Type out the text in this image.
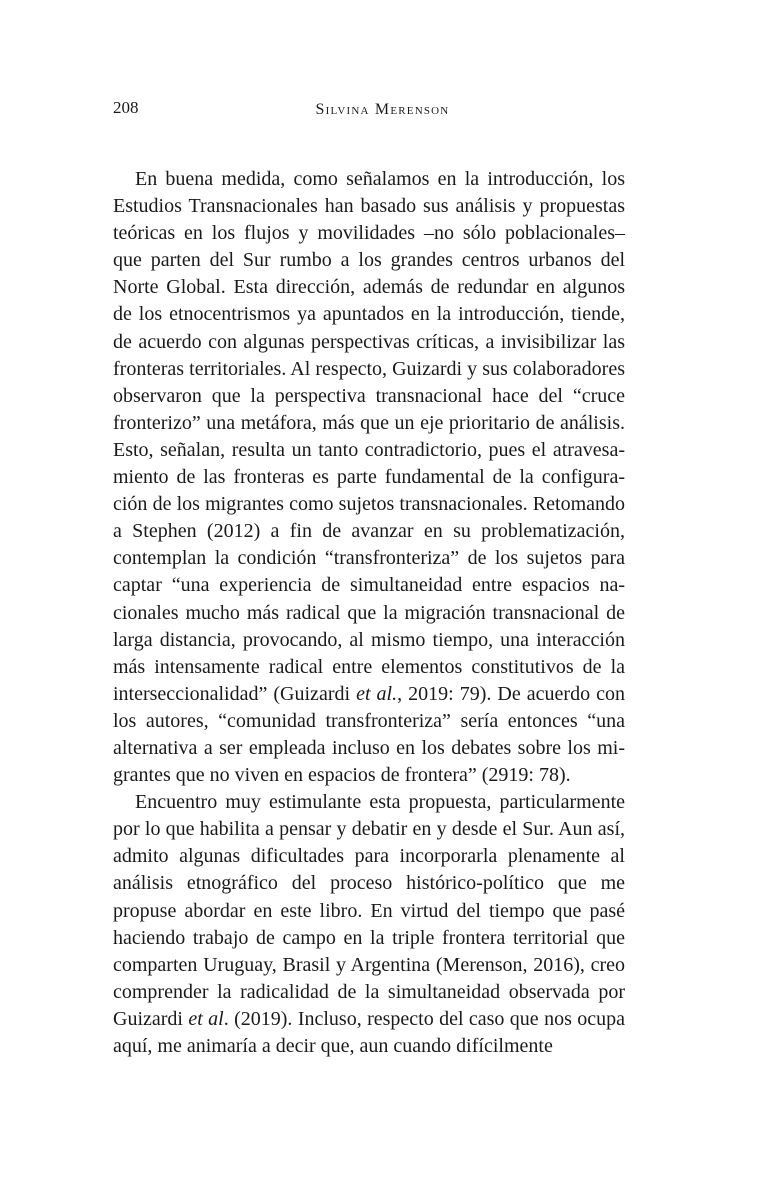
208	Silvina Merenson

En buena medida, como señalamos en la introducción, los Estudios Transnacionales han basado sus análisis y propuestas teóricas en los flujos y movilidades –no sólo poblacionales– que parten del Sur rumbo a los grandes centros urbanos del Norte Global. Esta dirección, además de redundar en algunos de los etnocentrismos ya apuntados en la introducción, tiende, de acuerdo con algunas perspectivas críticas, a invisibilizar las fronteras territoriales. Al respecto, Guizardi y sus colaboradores observaron que la perspectiva transnacional hace del “cruce fronterizo” una metáfora, más que un eje prioritario de análisis. Esto, señalan, resulta un tanto contradictorio, pues el atravesamiento de las fronteras es parte fundamental de la configuración de los migrantes como sujetos transnacionales. Retomando a Stephen (2012) a fin de avanzar en su problematización, contemplan la condición “transfronteriza” de los sujetos para captar “una experiencia de simultaneidad entre espacios nacionales mucho más radical que la migración transnacional de larga distancia, provocando, al mismo tiempo, una interacción más intensamente radical entre elementos constitutivos de la interseccionalidad” (Guizardi et al., 2019: 79). De acuerdo con los autores, “comunidad transfronteriza” sería entonces “una alternativa a ser empleada incluso en los debates sobre los migrantes que no viven en espacios de frontera” (2919: 78).

Encuentro muy estimulante esta propuesta, particularmente por lo que habilita a pensar y debatir en y desde el Sur. Aun así, admito algunas dificultades para incorporarla plenamente al análisis etnográfico del proceso histórico-político que me propuse abordar en este libro. En virtud del tiempo que pasé haciendo trabajo de campo en la triple frontera territorial que comparten Uruguay, Brasil y Argentina (Merenson, 2016), creo comprender la radicalidad de la simultaneidad observada por Guizardi et al. (2019). Incluso, respecto del caso que nos ocupa aquí, me animaría a decir que, aun cuando difícilmente
